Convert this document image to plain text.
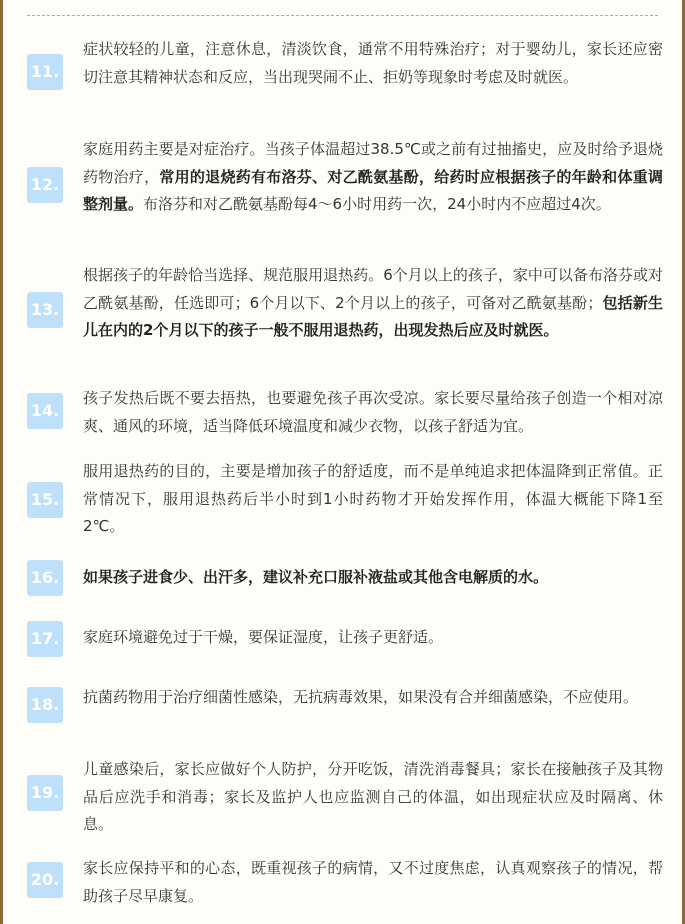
11.
症状较轻的儿童，注意休息，清淡饮食，通常不用特殊治疗；对于婴幼儿，家长还应密切注意其精神状态和反应，当出现哭闹不止、拒奶等现象时考虑及时就医。
12.
家庭用药主要是对症治疗。当孩子体温超过38.5℃或之前有过抽搐史，应及时给予退烧药物治疗，常用的退烧药有布洛芬、对乙酰氨基酚，给药时应根据孩子的年龄和体重调整剂量。布洛芬和对乙酰氨基酚每4～6小时用药一次，24小时内不应超过4次。
13.
根据孩子的年龄恰当选择、规范服用退热药。6个月以上的孩子，家中可以备布洛芬或对乙酰氨基酚，任选即可；6个月以下、2个月以上的孩子，可备对乙酰氨基酚；包括新生儿在内的2个月以下的孩子一般不服用退热药，出现发热后应及时就医。
14.
孩子发热后既不要去捂热，也要避免孩子再次受凉。家长要尽量给孩子创造一个相对凉爽、通风的环境，适当降低环境温度和减少衣物，以孩子舒适为宜。
15.
服用退热药的目的，主要是增加孩子的舒适度，而不是单纯追求把体温降到正常值。正常情况下，服用退热药后半小时到1小时药物才开始发挥作用，体温大概能下降1至2℃。
16. 如果孩子进食少、出汗多，建议补充口服补液盐或其他含电解质的水。
17. 家庭环境避免过于干燥，要保证湿度，让孩子更舒适。
18. 抗菌药物用于治疗细菌性感染，无抗病毒效果，如果没有合并细菌感染，不应使用。
19.
儿童感染后，家长应做好个人防护，分开吃饭，清洗消毒餐具；家长在接触孩子及其物品后应洗手和消毒；家长及监护人也应监测自己的体温，如出现症状应及时隔离、休息。
20.
家长应保持平和的心态，既重视孩子的病情，又不过度焦虑，认真观察孩子的情况，帮助孩子尽早康复。
